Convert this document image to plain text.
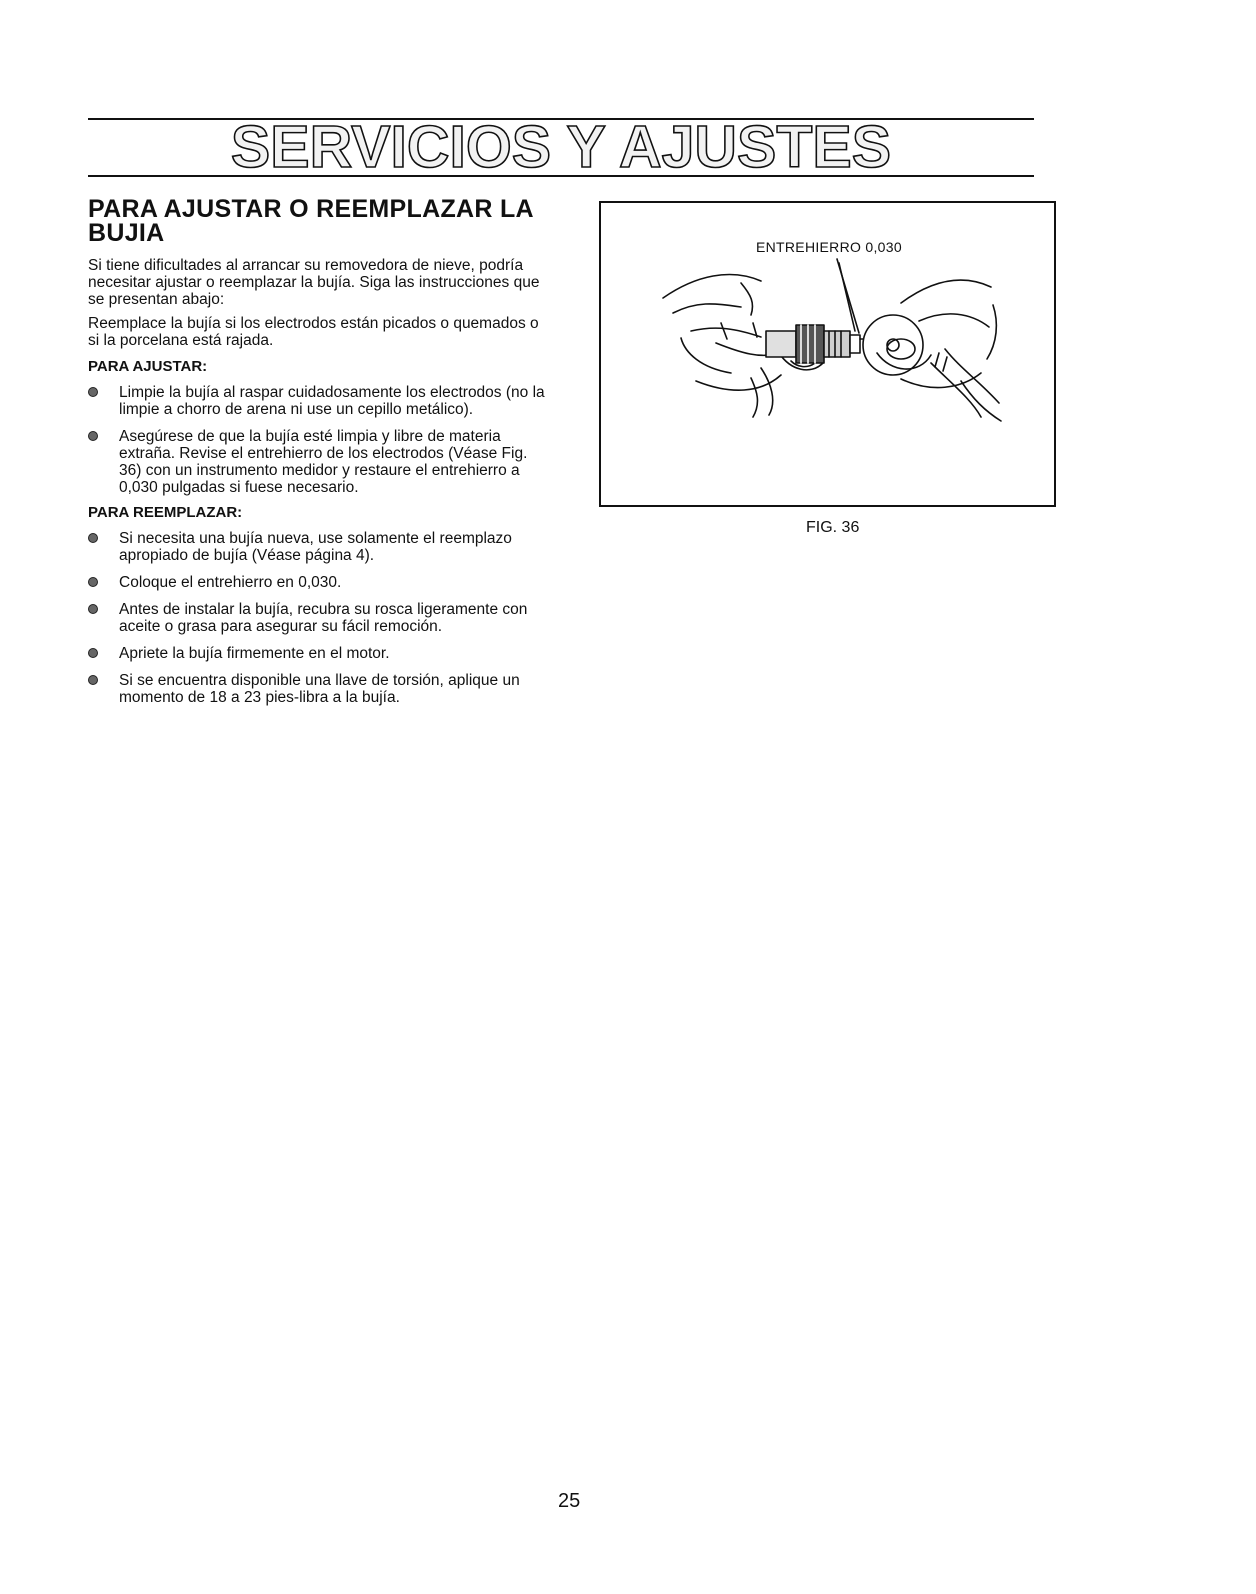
SERVICIOS Y AJUSTES
PARA AJUSTAR O REEMPLAZAR LA
BUJIA

Si tiene dificultades al arrancar su removedora de nieve, podría necesitar ajustar o reemplazar la bujía. Siga las instrucciones que se presentan abajo:

Reemplace la bujía si los electrodos están picados o quemados o si la porcelana está rajada.

PARA AJUSTAR:
Limpie la bujía al raspar cuidadosamente los electrodos (no la limpie a chorro de arena ni use un cepillo metálico).
Asegúrese de que la bujía esté limpia y libre de materia extraña. Revise el entrehierro de los electrodos (Véase Fig. 36) con un instrumento medidor y restaure el entrehierro a 0,030 pulgadas si fuese necesario.
PARA REEMPLAZAR:
Si necesita una bujía nueva, use solamente el reemplazo apropiado de bujía (Véase página 4).
Coloque el entrehierro en 0,030.
Antes de instalar la bujía, recubra su rosca ligeramente con aceite o grasa para asegurar su fácil remoción.
Apriete la bujía firmemente en el motor.
Si se encuentra disponible una llave de torsión, aplique un momento de 18 a 23 pies-libra a la bujía.
ENTREHIERRO 0,030
FIG. 36
25
